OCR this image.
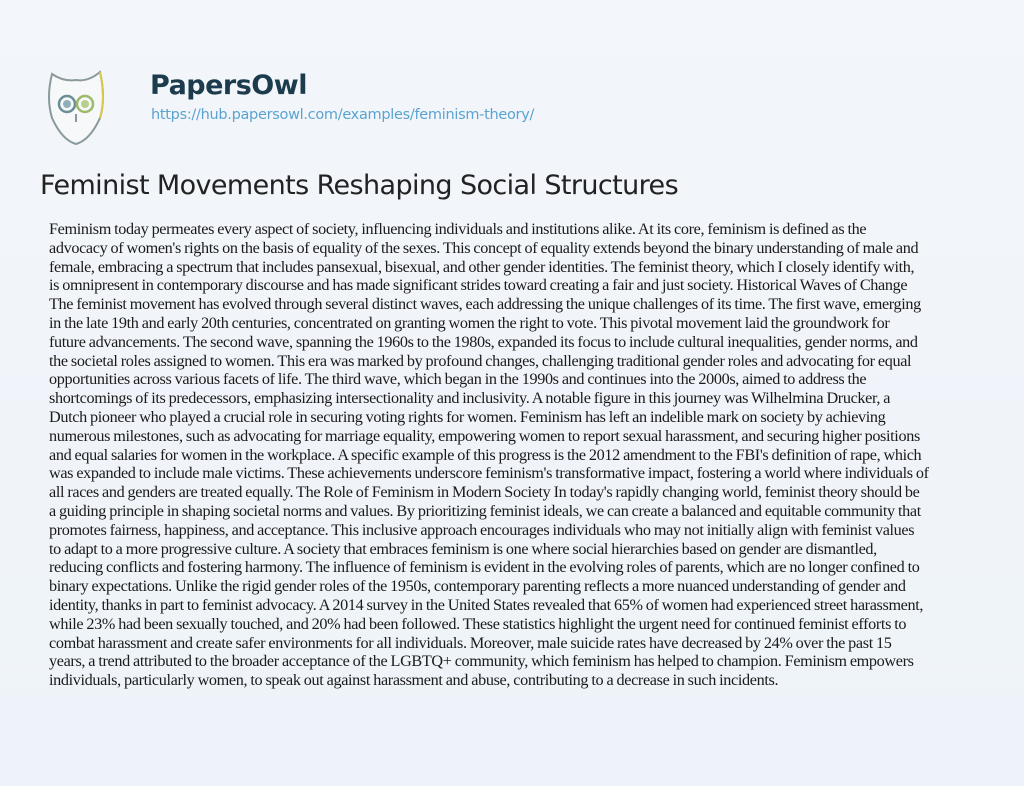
PapersOwl
https://hub.papersowl.com/examples/feminism-theory/
Feminist Movements Reshaping Social Structures
Feminism today permeates every aspect of society, influencing individuals and institutions alike. At its core, feminism is defined as the
advocacy of women's rights on the basis of equality of the sexes. This concept of equality extends beyond the binary understanding of male and
female, embracing a spectrum that includes pansexual, bisexual, and other gender identities. The feminist theory, which I closely identify with,
is omnipresent in contemporary discourse and has made significant strides toward creating a fair and just society. Historical Waves of Change
The feminist movement has evolved through several distinct waves, each addressing the unique challenges of its time. The first wave, emerging
in the late 19th and early 20th centuries, concentrated on granting women the right to vote. This pivotal movement laid the groundwork for
future advancements. The second wave, spanning the 1960s to the 1980s, expanded its focus to include cultural inequalities, gender norms, and
the societal roles assigned to women. This era was marked by profound changes, challenging traditional gender roles and advocating for equal
opportunities across various facets of life. The third wave, which began in the 1990s and continues into the 2000s, aimed to address the
shortcomings of its predecessors, emphasizing intersectionality and inclusivity. A notable figure in this journey was Wilhelmina Drucker, a
Dutch pioneer who played a crucial role in securing voting rights for women. Feminism has left an indelible mark on society by achieving
numerous milestones, such as advocating for marriage equality, empowering women to report sexual harassment, and securing higher positions
and equal salaries for women in the workplace. A specific example of this progress is the 2012 amendment to the FBI's definition of rape, which
was expanded to include male victims. These achievements underscore feminism's transformative impact, fostering a world where individuals of
all races and genders are treated equally. The Role of Feminism in Modern Society In today's rapidly changing world, feminist theory should be
a guiding principle in shaping societal norms and values. By prioritizing feminist ideals, we can create a balanced and equitable community that
promotes fairness, happiness, and acceptance. This inclusive approach encourages individuals who may not initially align with feminist values
to adapt to a more progressive culture. A society that embraces feminism is one where social hierarchies based on gender are dismantled,
reducing conflicts and fostering harmony. The influence of feminism is evident in the evolving roles of parents, which are no longer confined to
binary expectations. Unlike the rigid gender roles of the 1950s, contemporary parenting reflects a more nuanced understanding of gender and
identity, thanks in part to feminist advocacy. A 2014 survey in the United States revealed that 65% of women had experienced street harassment,
while 23% had been sexually touched, and 20% had been followed. These statistics highlight the urgent need for continued feminist efforts to
combat harassment and create safer environments for all individuals. Moreover, male suicide rates have decreased by 24% over the past 15
years, a trend attributed to the broader acceptance of the LGBTQ+ community, which feminism has helped to champion. Feminism empowers
individuals, particularly women, to speak out against harassment and abuse, contributing to a decrease in such incidents.
